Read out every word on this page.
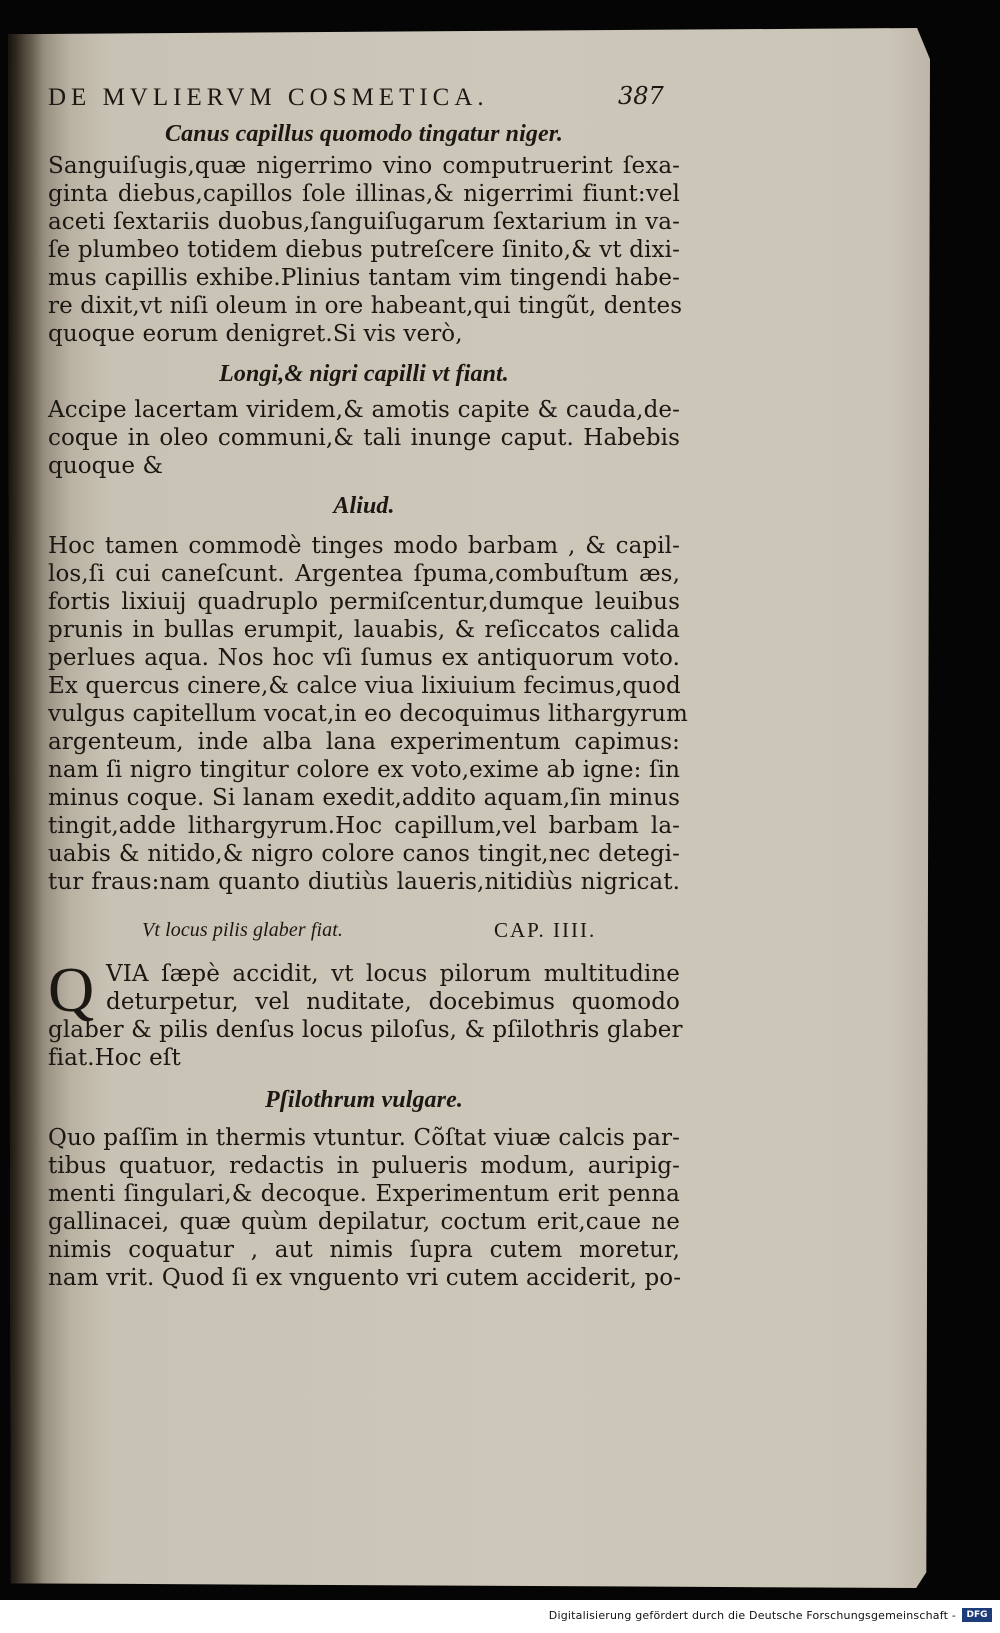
387
DE MVLIERVM COSMETICA.
Canus capillus quomodo tingatur niger.
Sanguiſugis,quæ nigerrimo vino computruerint ſexa-
ginta diebus,capillos ſole illinas,& nigerrimi fiunt:vel
aceti ſextariis duobus,ſanguiſugarum ſextarium in va-
ſe plumbeo totidem diebus putreſcere ſinito,& vt dixi-
mus capillis exhibe.Plinius tantam vim tingendi habe-
re dixit,vt niſi oleum in ore habeant,qui tingũt, dentes
quoque eorum denigret.Si vis verò,
Longi,& nigri capilli vt fiant.
Accipe lacertam viridem,& amotis capite & cauda,de-
coque in oleo communi,& tali inunge caput. Habebis
quoque &
Aliud.
Hoc tamen commodè tinges modo barbam , & capil-
los,ſi cui caneſcunt. Argentea ſpuma,combuſtum æs,
fortis lixiuij quadruplo permiſcentur,dumque leuibus
prunis in bullas erumpit, lauabis, & reſiccatos calida
perlues aqua. Nos hoc vſi ſumus ex antiquorum voto.
Ex quercus cinere,& calce viua lixiuium fecimus,quod
vulgus capitellum vocat,in eo decoquimus lithargyrum
argenteum, inde alba lana experimentum capimus:
nam ſi nigro tingitur colore ex voto,exime ab igne: ſin
minus coque. Si lanam exedit,addito aquam,ſin minus
tingit,adde lithargyrum.Hoc capillum,vel barbam la-
uabis & nitido,& nigro colore canos tingit,nec detegi-
tur fraus:nam quanto diutiùs laueris,nitidiùs nigricat.
Vt locus pilis glaber fiat.	CAP. IIII.
Q VIA ſæpè accidit, vt locus pilorum multitudine
deturpetur, vel nuditate, docebimus quomodo
glaber & pilis denſus locus piloſus, & pſilothris glaber
fiat.Hoc eſt
Pſilothrum vulgare.
Quo paſſim in thermis vtuntur. Cõſtat viuæ calcis par-
tibus quatuor, redactis in pulueris modum, auripig-
menti ſingulari,& decoque. Experimentum erit penna
gallinacei, quæ quùm depilatur, coctum erit,caue ne
nimis coquatur , aut nimis ſupra cutem moretur,
nam vrit. Quod ſi ex vnguento vri cutem acciderit, po-
Digitalisierung gefördert durch die Deutsche Forschungsgemeinschaft -	DFG
